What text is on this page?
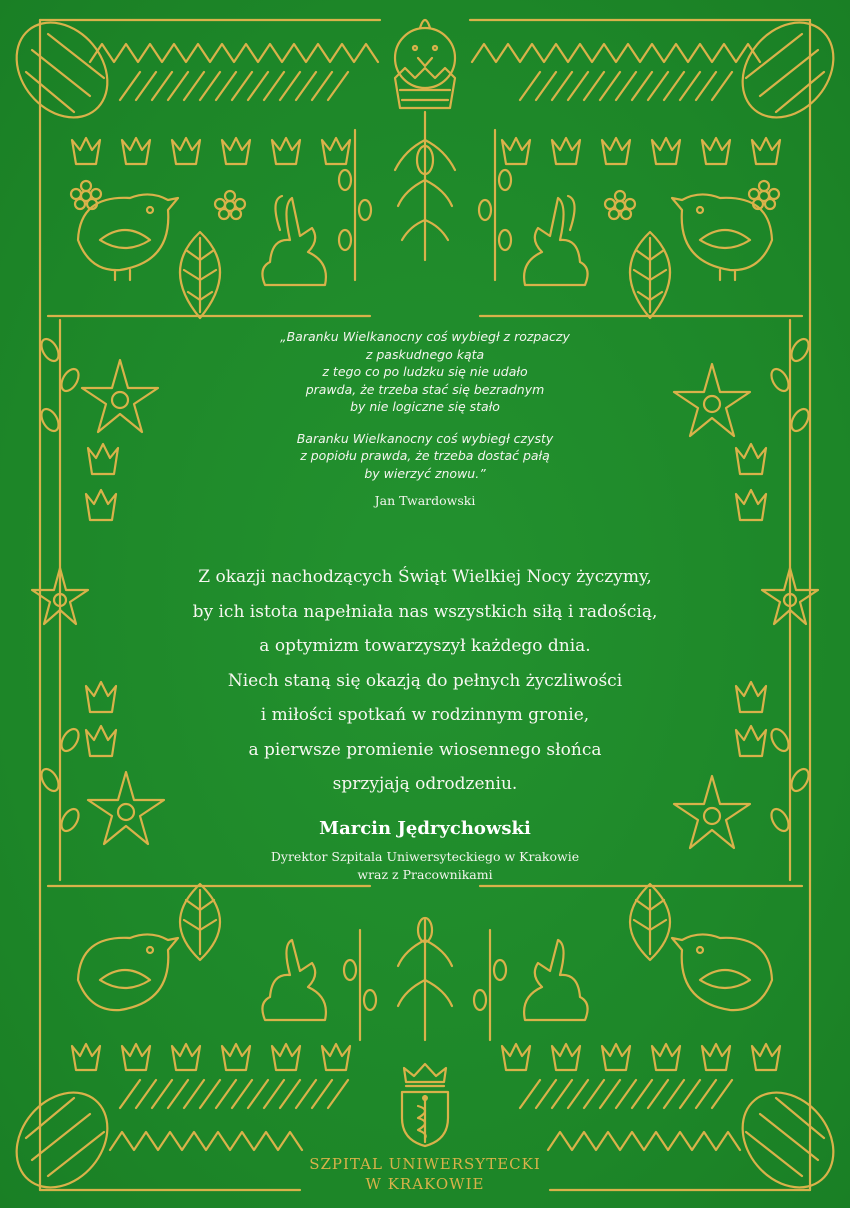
„Baranku Wielkanocny coś wybiegł z rozpaczy
z paskudnego kąta
z tego co po ludzku się nie udało
prawda, że trzeba stać się bezradnym
by nie logiczne się stało
Baranku Wielkanocny coś wybiegł czysty
z popiołu prawda, że trzeba dostać pałą
by wierzyć znowu.”
Jan Twardowski
Z okazji nachodzących Świąt Wielkiej Nocy życzymy,
by ich istota napełniała nas wszystkich siłą i radością,
a optymizm towarzyszył każdego dnia.
Niech staną się okazją do pełnych życzliwości
i miłości spotkań w rodzinnym gronie,
a pierwsze promienie wiosennego słońca
sprzyjają odrodzeniu.
Marcin Jędrychowski
Dyrektor Szpitala Uniwersyteckiego w Krakowie
wraz z Pracownikami
SZPITAL UNIWERSYTECKI
W KRAKOWIE
